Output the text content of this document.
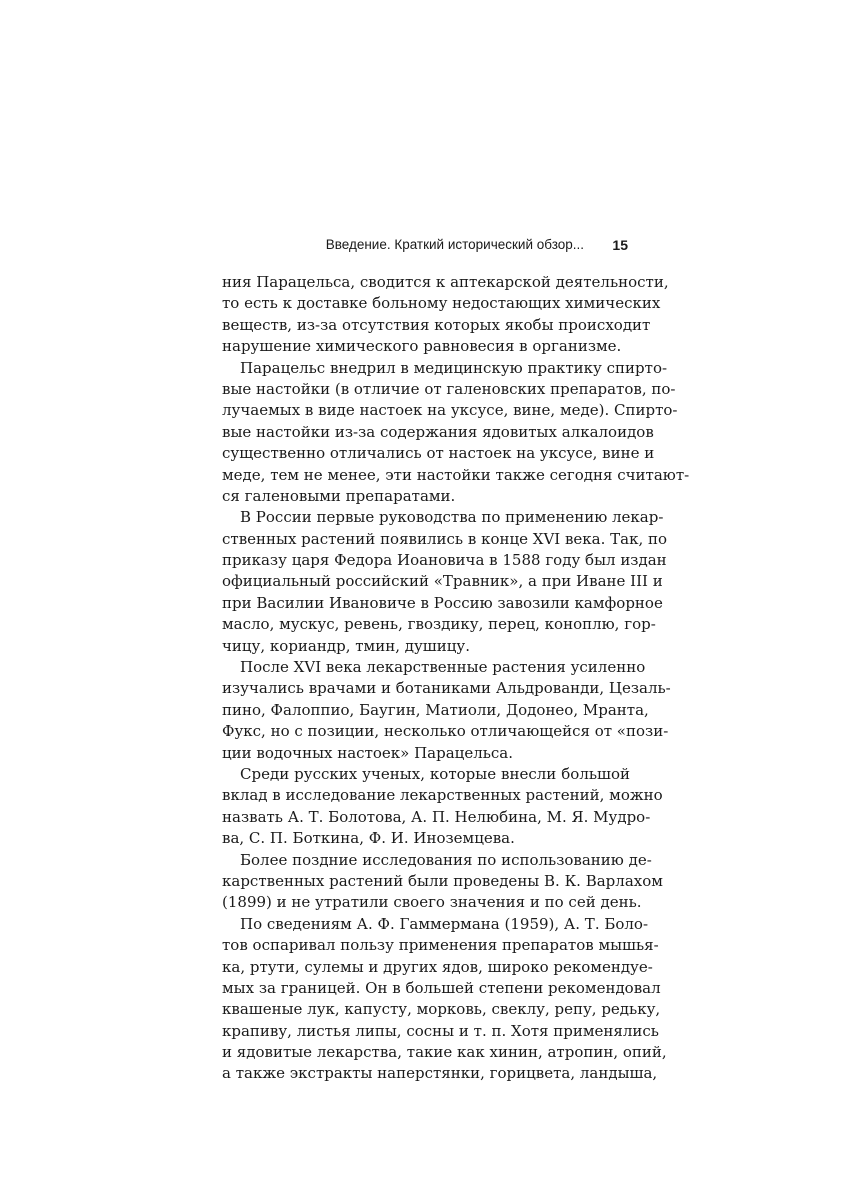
Введение. Краткий исторический обзор... 15
ния Парацельса, сводится к аптекарской деятельности,
то есть к доставке больному недостающих химических
веществ, из-за отсутствия которых якобы происходит
нарушение химического равновесия в организме.
Парацельс внедрил в медицинскую практику спирто-
вые настойки (в отличие от галеновских препаратов, по-
лучаемых в виде настоек на уксусе, вине, меде). Спирто-
вые настойки из-за содержания ядовитых алкалоидов
существенно отличались от настоек на уксусе, вине и
меде, тем не менее, эти настойки также сегодня считают-
ся галеновыми препаратами.
В России первые руководства по применению лекар-
ственных растений появились в конце XVI века. Так, по
приказу царя Федора Иоановича в 1588 году был издан
официальный российский «Травник», а при Иване III и
при Василии Ивановиче в Россию завозили камфорное
масло, мускус, ревень, гвоздику, перец, коноплю, гор-
чицу, кориандр, тмин, душицу.
После XVI века лекарственные растения усиленно
изучались врачами и ботаниками Альдрованди, Цезаль-
пино, Фалоппио, Баугин, Матиоли, Додонео, Мранта,
Фукс, но с позиции, несколько отличающейся от «пози-
ции водочных настоек» Парацельса.
Среди русских ученых, которые внесли большой
вклад в исследование лекарственных растений, можно
назвать А. Т. Болотова, А. П. Нелюбина, М. Я. Мудро-
ва, С. П. Боткина, Ф. И. Иноземцева.
Более поздние исследования по использованию де-
карственных растений были проведены В. К. Варлахом
(1899) и не утратили своего значения и по сей день.
По сведениям А. Ф. Гаммермана (1959), А. Т. Боло-
тов оспаривал пользу применения препаратов мышья-
ка, ртути, сулемы и других ядов, широко рекомендуе-
мых за границей. Он в большей степени рекомендовал
квашеные лук, капусту, морковь, свеклу, репу, редьку,
крапиву, листья липы, сосны и т. п. Хотя применялись
и ядовитые лекарства, такие как хинин, атропин, опий,
а также экстракты наперстянки, горицвета, ландыша,
